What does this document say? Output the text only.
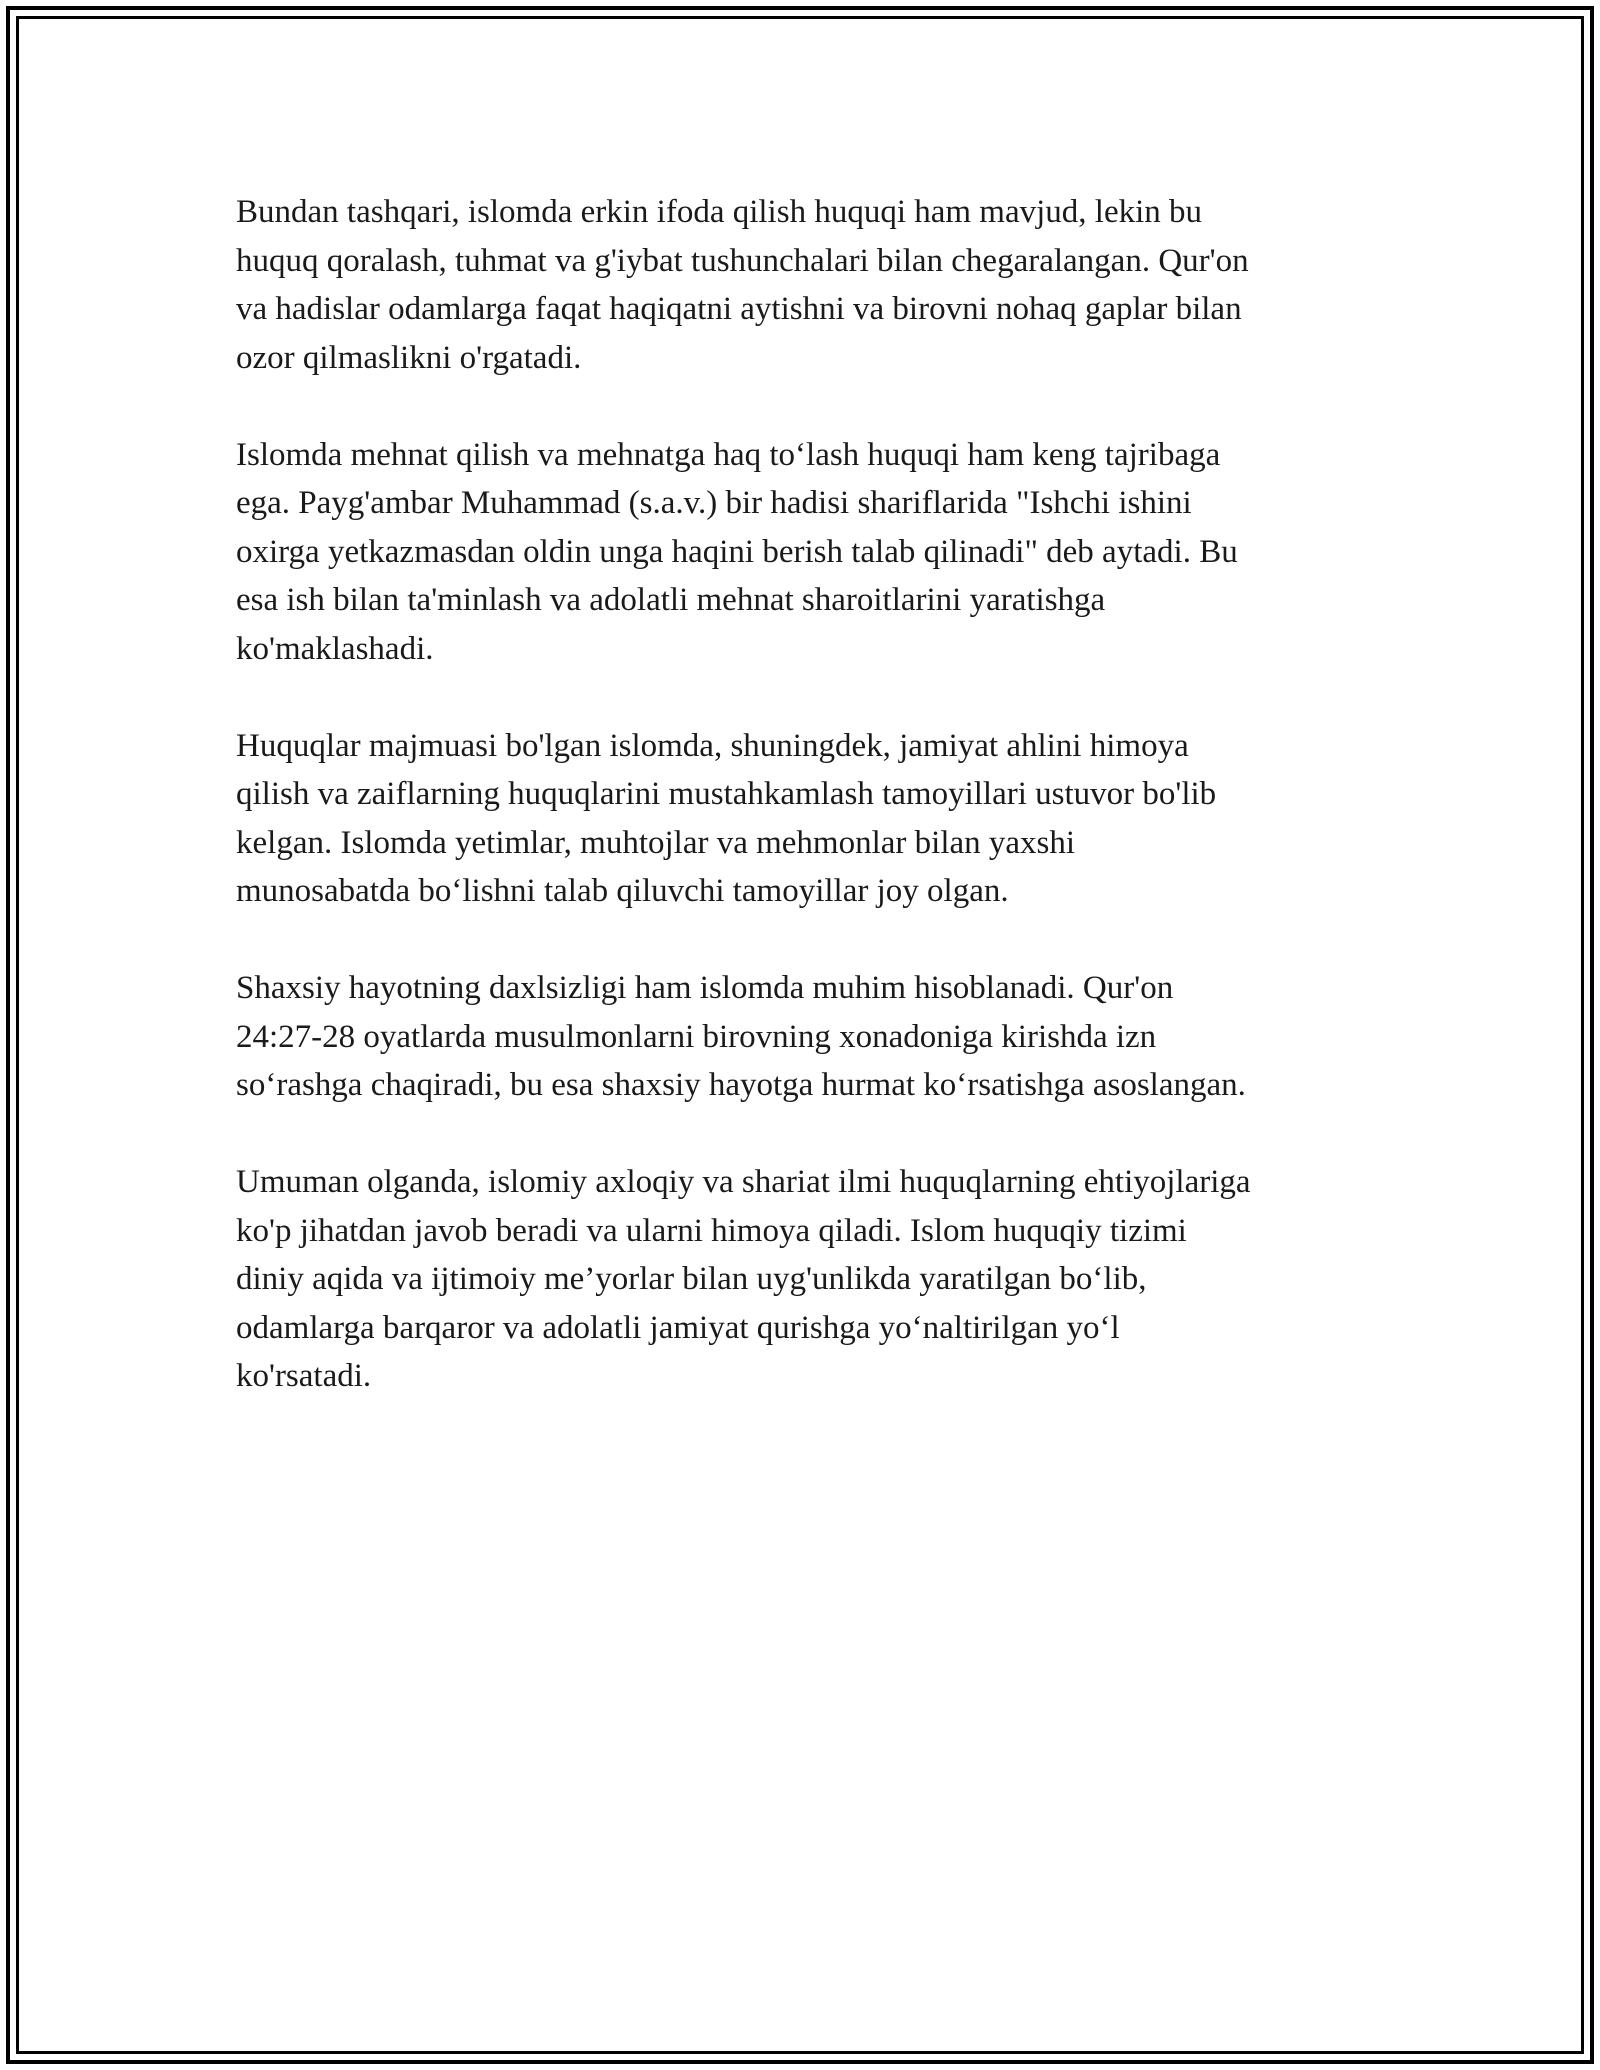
Bundan tashqari, islomda erkin ifoda qilish huquqi ham mavjud, lekin bu
huquq qoralash, tuhmat va g'iybat tushunchalari bilan chegaralangan. Qur'on
va hadislar odamlarga faqat haqiqatni aytishni va birovni nohaq gaplar bilan
ozor qilmaslikni o'rgatadi.

Islomda mehnat qilish va mehnatga haq to‘lash huquqi ham keng tajribaga
ega. Payg'ambar Muhammad (s.a.v.) bir hadisi shariflarida "Ishchi ishini
oxirga yetkazmasdan oldin unga haqini berish talab qilinadi" deb aytadi. Bu
esa ish bilan ta'minlash va adolatli mehnat sharoitlarini yaratishga
ko'maklashadi.

Huquqlar majmuasi bo'lgan islomda, shuningdek, jamiyat ahlini himoya
qilish va zaiflarning huquqlarini mustahkamlash tamoyillari ustuvor bo'lib
kelgan. Islomda yetimlar, muhtojlar va mehmonlar bilan yaxshi
munosabatda bo‘lishni talab qiluvchi tamoyillar joy olgan.

Shaxsiy hayotning daxlsizligi ham islomda muhim hisoblanadi. Qur'on
24:27-28 oyatlarda musulmonlarni birovning xonadoniga kirishda izn
so‘rashga chaqiradi, bu esa shaxsiy hayotga hurmat ko‘rsatishga asoslangan.

Umuman olganda, islomiy axloqiy va shariat ilmi huquqlarning ehtiyojlariga
ko'p jihatdan javob beradi va ularni himoya qiladi. Islom huquqiy tizimi
diniy aqida va ijtimoiy me’yorlar bilan uyg'unlikda yaratilgan bo‘lib,
odamlarga barqaror va adolatli jamiyat qurishga yo‘naltirilgan yo‘l
ko'rsatadi.
